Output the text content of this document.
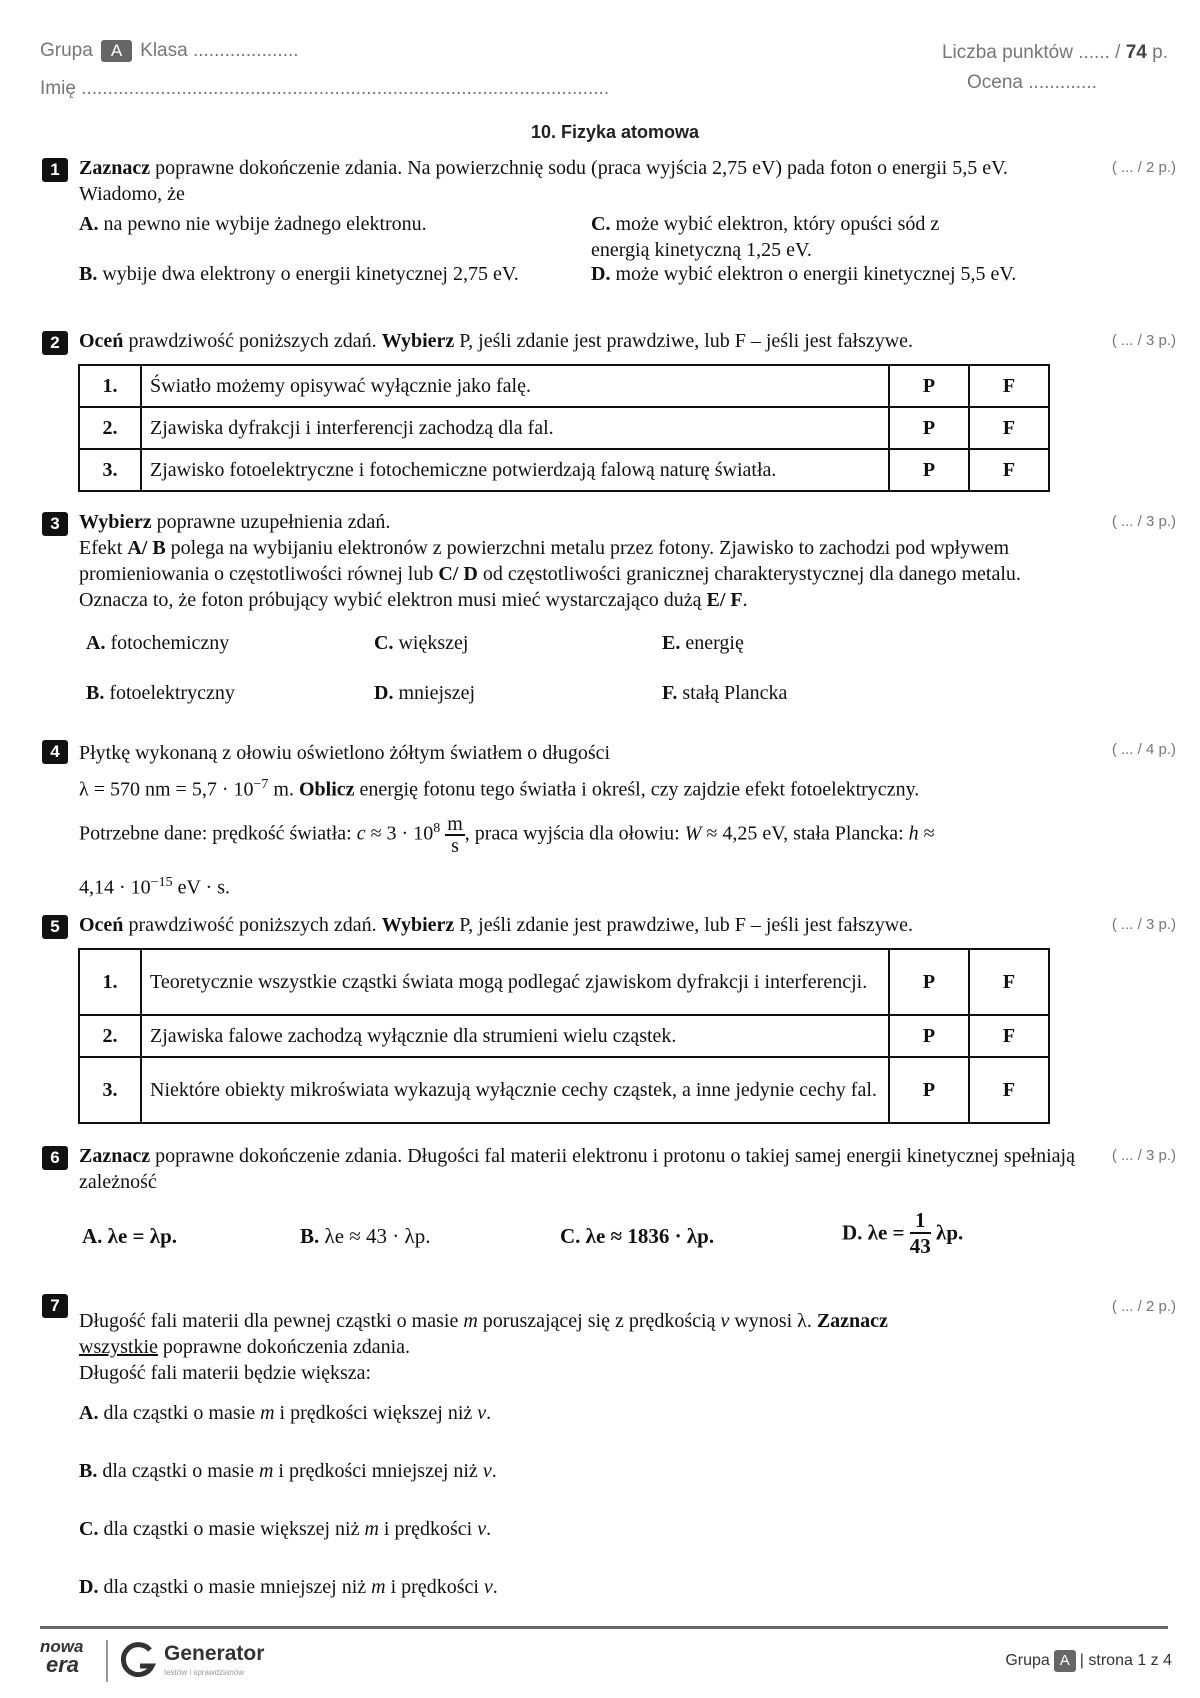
Grupa A Klasa ....................
Imię ....................................................................................................
Liczba punktów ...... / 74 p.
Ocena .............
10. Fizyka atomowa
1 Zaznacz poprawne dokończenie zdania. Na powierzchnię sodu (praca wyjścia 2,75 eV) pada foton o energii 5,5 eV. Wiadomo, że
A. na pewno nie wybije żadnego elektronu.
B. wybije dwa elektrony o energii kinetycznej 2,75 eV.
C. może wybić elektron, który opuści sód z energią kinetyczną 1,25 eV.
D. może wybić elektron o energii kinetycznej 5,5 eV.
( ... / 2 p.)
2 Oceń prawdziwość poniższych zdań. Wybierz P, jeśli zdanie jest prawdziwe, lub F – jeśli jest fałszywe.	( ... / 3 p.)
1.	Światło możemy opisywać wyłącznie jako falę.	P	F
2.	Zjawiska dyfrakcji i interferencji zachodzą dla fal.	P	F
3.	Zjawisko fotoelektryczne i fotochemiczne potwierdzają falową naturę światła.	P	F
3 Wybierz poprawne uzupełnienia zdań.
Efekt A/ B polega na wybijaniu elektronów z powierzchni metalu przez fotony. Zjawisko to zachodzi pod wpływem promieniowania o częstotliwości równej lub C/ D od częstotliwości granicznej charakterystycznej dla danego metalu. Oznacza to, że foton próbujący wybić elektron musi mieć wystarczająco dużą E/ F.
( ... / 3 p.)
A. fotochemiczny	C. większej	E. energię
B. fotoelektryczny	D. mniejszej	F. stałą Plancka
4 Płytkę wykonaną z ołowiu oświetlono żółtym światłem o długości
λ = 570 nm = $5,7 \cdot 10^{-7}$ m. Oblicz energię fotonu tego światła i określ, czy zajdzie efekt fotoelektryczny.
Potrzebne dane: prędkość światła: $c \approx 3 \cdot 10^8 \frac{m}{s}$ , praca wyjścia dla ołowiu: W ≈ 4,25 eV, stała Plancka: h ≈
$4,14 \cdot 10^{-15}$ eV · s.
( ... / 4 p.)
5 Oceń prawdziwość poniższych zdań. Wybierz P, jeśli zdanie jest prawdziwe, lub F – jeśli jest fałszywe.	( ... / 3 p.)
1.	Teoretycznie wszystkie cząstki świata mogą podlegać zjawiskom dyfrakcji i interferencji.	P	F
2.	Zjawiska falowe zachodzą wyłącznie dla strumieni wielu cząstek.	P	F
3.	Niektóre obiekty mikroświata wykazują wyłącznie cechy cząstek, a inne jedynie cechy fal.	P	F
6 Zaznacz poprawne dokończenie zdania. Długości fal materii elektronu i protonu o takiej samej energii kinetycznej spełniają zależność
( ... / 3 p.)
A. λe = λp.	B. λe ≈ 43 · λp.	C. λe ≈ 1836 · λp.	D. $\lambda e = \frac{1}{43} \lambda p$.
7
Długość fali materii dla pewnej cząstki o masie m poruszającej się z prędkością v wynosi λ. Zaznacz
wszystkie poprawne dokończenia zdania.
Długość fali materii będzie większa:
( ... / 2 p.)
A. dla cząstki o masie m i prędkości większej niż v.
B. dla cząstki o masie m i prędkości mniejszej niż v.
C. dla cząstki o masie większej niż m i prędkości v.
D. dla cząstki o masie mniejszej niż m i prędkości v.
nowa
era	Generator
testów i sprawdzianów
Grupa A | strona 1 z 4
